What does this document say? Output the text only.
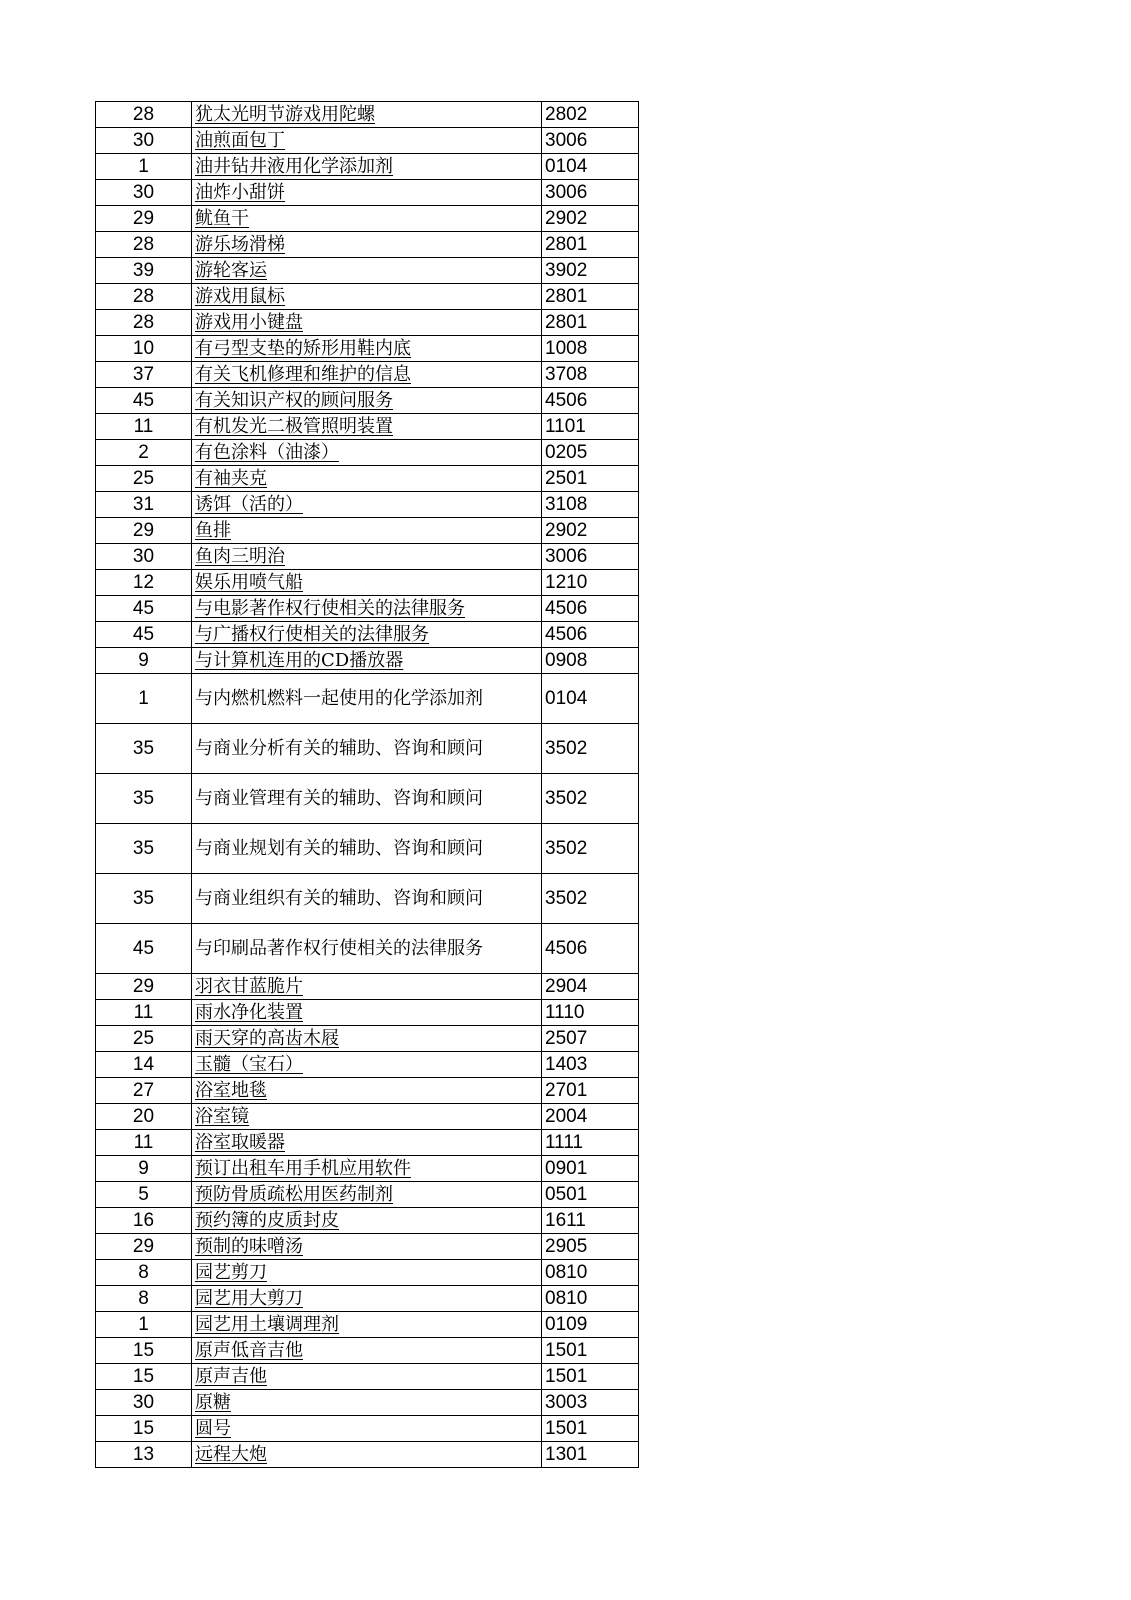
28	犹太光明节游戏用陀螺	2802
30	油煎面包丁	3006
1	油井钻井液用化学添加剂	0104
30	油炸小甜饼	3006
29	鱿鱼干	2902
28	游乐场滑梯	2801
39	游轮客运	3902
28	游戏用鼠标	2801
28	游戏用小键盘	2801
10	有弓型支垫的矫形用鞋内底	1008
37	有关飞机修理和维护的信息	3708
45	有关知识产权的顾问服务	4506
11	有机发光二极管照明装置	1101
2	有色涂料（油漆）	0205
25	有袖夹克	2501
31	诱饵（活的）	3108
29	鱼排	2902
30	鱼肉三明治	3006
12	娱乐用喷气船	1210
45	与电影著作权行使相关的法律服务	4506
45	与广播权行使相关的法律服务	4506
9	与计算机连用的CD播放器	0908
1	与内燃机燃料一起使用的化学添加剂	0104
35	与商业分析有关的辅助、咨询和顾问	3502
35	与商业管理有关的辅助、咨询和顾问	3502
35	与商业规划有关的辅助、咨询和顾问	3502
35	与商业组织有关的辅助、咨询和顾问	3502
45	与印刷品著作权行使相关的法律服务	4506
29	羽衣甘蓝脆片	2904
11	雨水净化装置	1110
25	雨天穿的高齿木屐	2507
14	玉髓（宝石）	1403
27	浴室地毯	2701
20	浴室镜	2004
11	浴室取暖器	1111
9	预订出租车用手机应用软件	0901
5	预防骨质疏松用医药制剂	0501
16	预约簿的皮质封皮	1611
29	预制的味噌汤	2905
8	园艺剪刀	0810
8	园艺用大剪刀	0810
1	园艺用土壤调理剂	0109
15	原声低音吉他	1501
15	原声吉他	1501
30	原糖	3003
15	圆号	1501
13	远程大炮	1301
